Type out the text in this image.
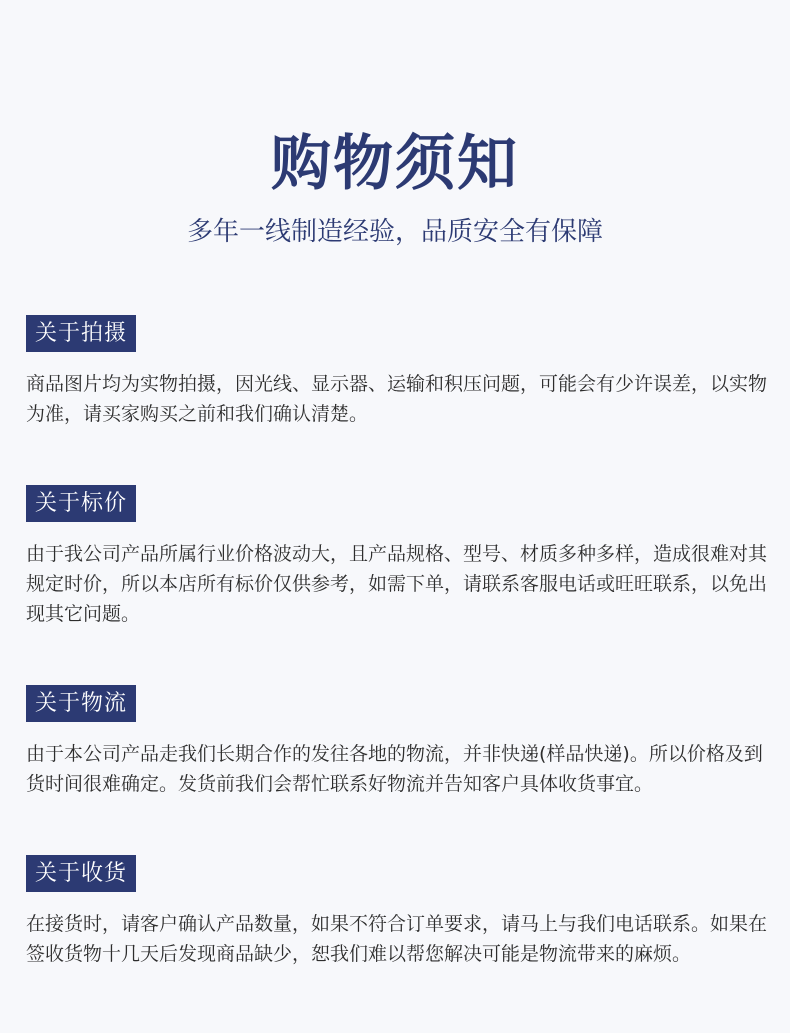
购物须知
多年一线制造经验，品质安全有保障
关于拍摄
商品图片均为实物拍摄，因光线、显示器、运输和积压问题，可能会有少许误差，以实物为准，请买家购买之前和我们确认清楚。
关于标价
由于我公司产品所属行业价格波动大，且产品规格、型号、材质多种多样，造成很难对其规定时价，所以本店所有标价仅供参考，如需下单，请联系客服电话或旺旺联系，以免出现其它问题。
关于物流
由于本公司产品走我们长期合作的发往各地的物流，并非快递(样品快递)。所以价格及到货时间很难确定。发货前我们会帮忙联系好物流并告知客户具体收货事宜。
关于收货
在接货时，请客户确认产品数量，如果不符合订单要求，请马上与我们电话联系。如果在签收货物十几天后发现商品缺少，恕我们难以帮您解决可能是物流带来的麻烦。
